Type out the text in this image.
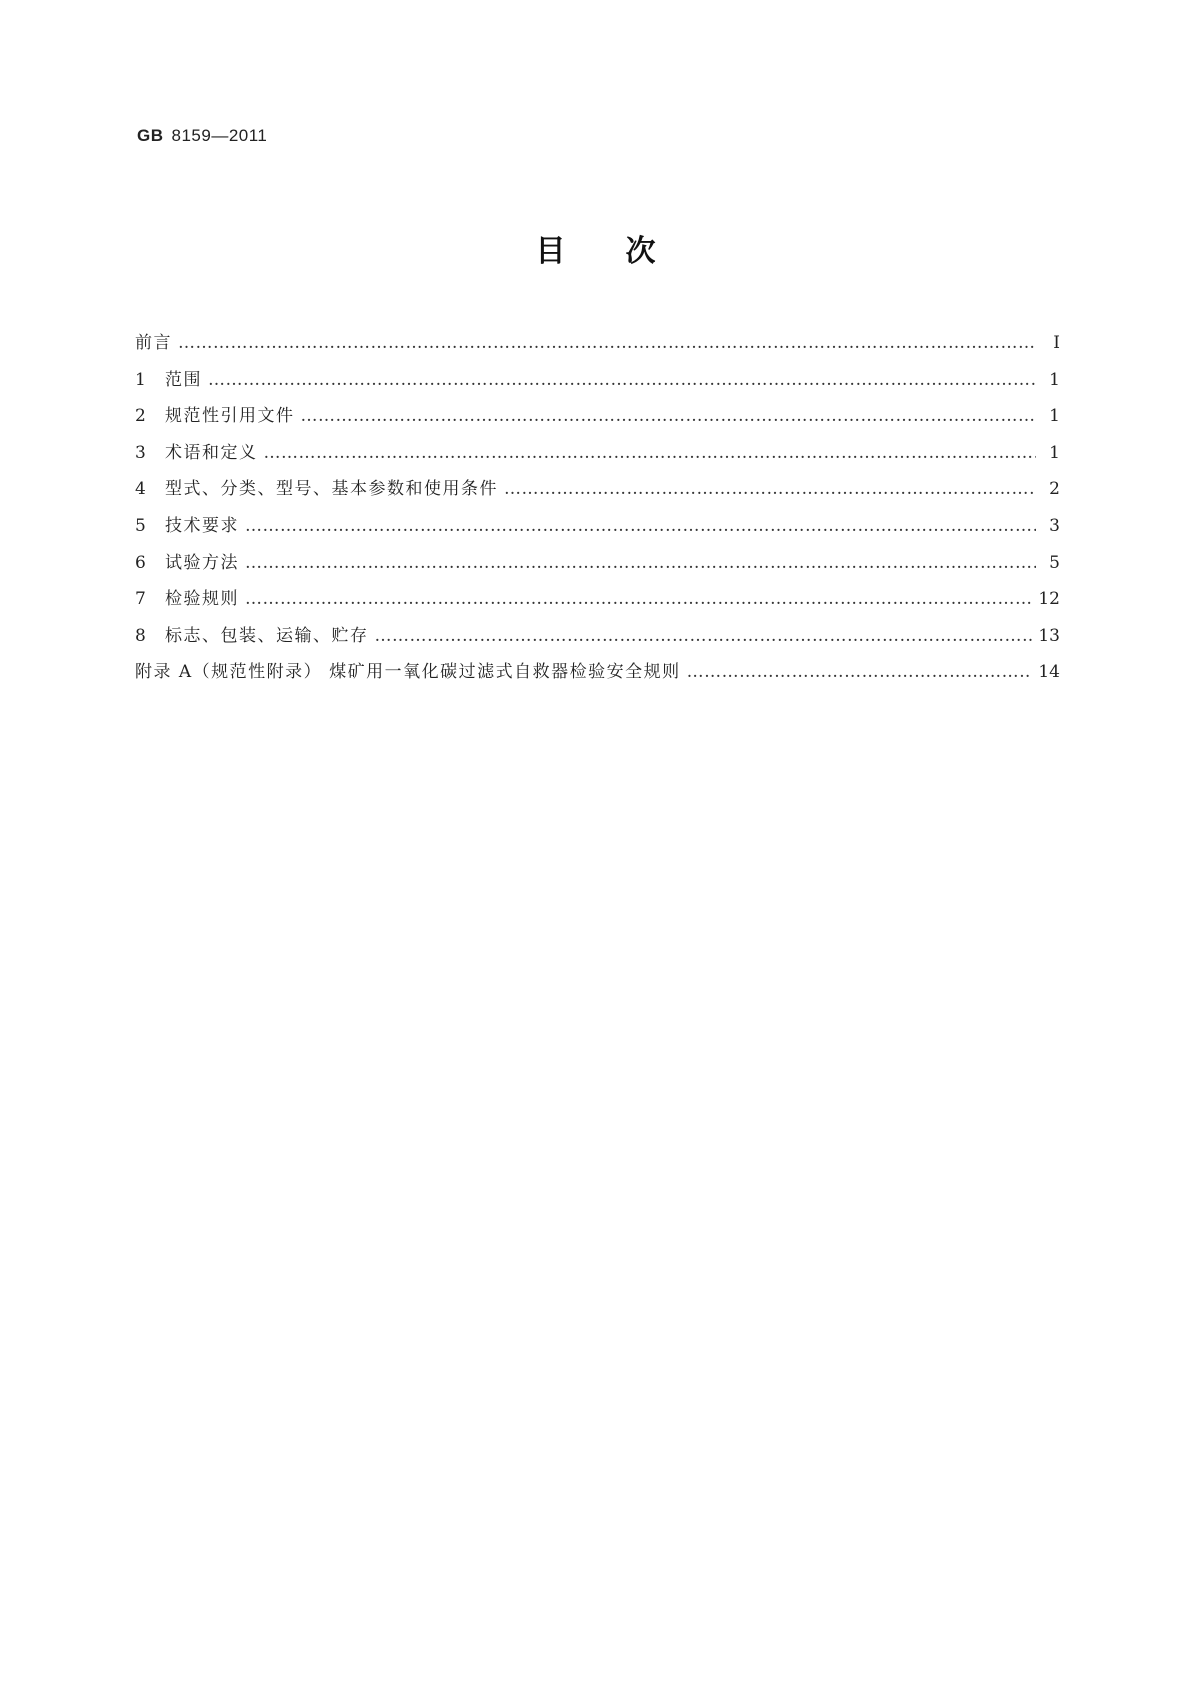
GB 8159—2011
目 次
前言 …………………………………………………………………………………………………………………………………………………………………………………………………………………………………………	Ⅰ
1	范围 …………………………………………………………………………………………………………………………………………………………………………………………………………………………………………	1
2	规范性引用文件 …………………………………………………………………………………………………………………………………………………………………………………………………………………………………………	1
3	术语和定义 …………………………………………………………………………………………………………………………………………………………………………………………………………………………………………	1
4	型式、分类、型号、基本参数和使用条件 …………………………………………………………………………………………………………………………………………………………………………………………………………………………………………	2
5	技术要求 …………………………………………………………………………………………………………………………………………………………………………………………………………………………………………	3
6	试验方法 …………………………………………………………………………………………………………………………………………………………………………………………………………………………………………	5
7	检验规则 …………………………………………………………………………………………………………………………………………………………………………………………………………………………………………	12
8	标志、包装、运输、贮存 …………………………………………………………………………………………………………………………………………………………………………………………………………………………………………	13
附录 A（规范性附录） 煤矿用一氧化碳过滤式自救器检验安全规则 …………………………………………………………………………………………………………………………………………………………………………………………………………………………………………	14
